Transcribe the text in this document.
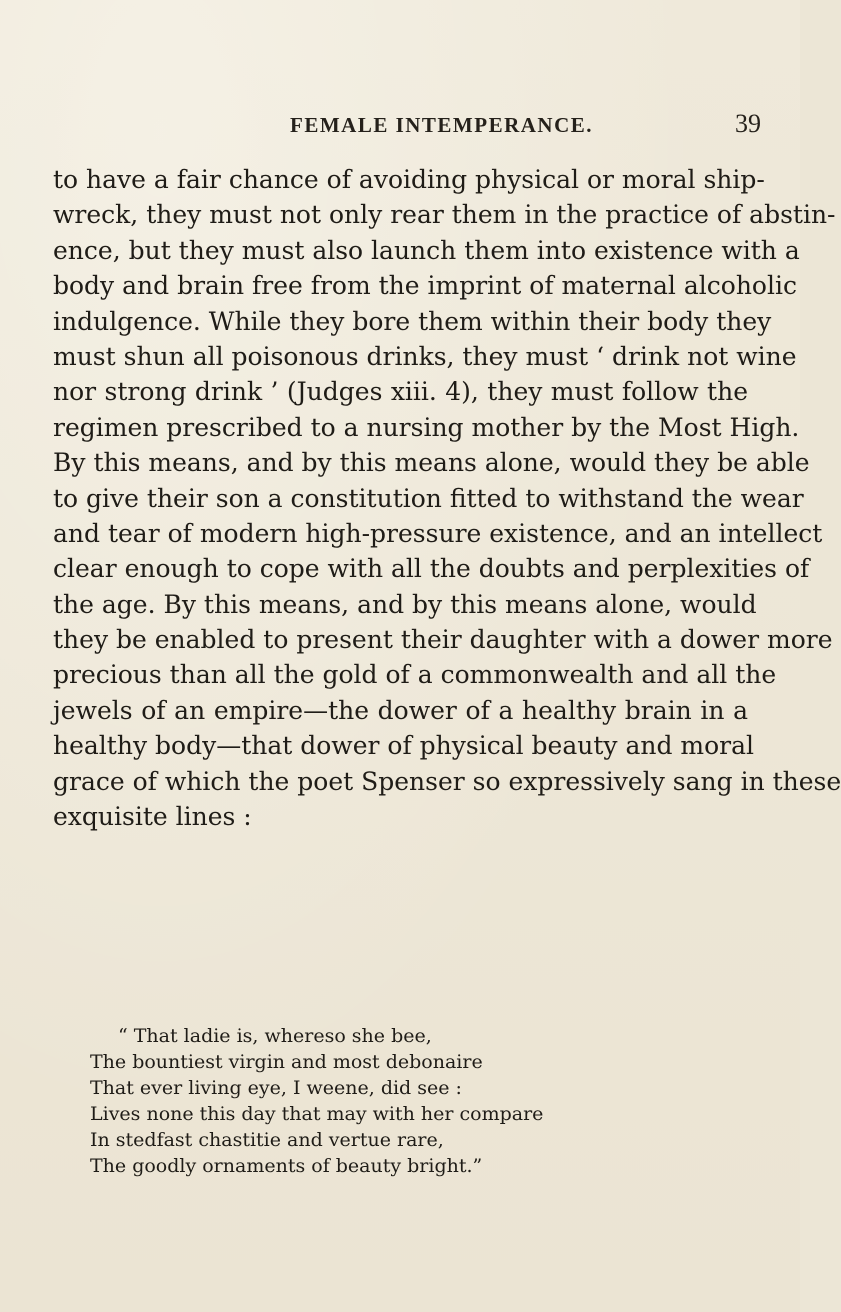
FEMALE INTEMPERANCE.	39
to have a fair chance of avoiding physical or moral ship-
wreck, they must not only rear them in the practice of abstin-
ence, but they must also launch them into existence with a
body and brain free from the imprint of maternal alcoholic
indulgence. While they bore them within their body they
must shun all poisonous drinks, they must ‘ drink not wine
nor strong drink ’ (Judges xiii. 4), they must follow the
regimen prescribed to a nursing mother by the Most High.
By this means, and by this means alone, would they be able
to give their son a constitution fitted to withstand the wear
and tear of modern high-pressure existence, and an intellect
clear enough to cope with all the doubts and perplexities of
the age. By this means, and by this means alone, would
they be enabled to present their daughter with a dower more
precious than all the gold of a commonwealth and all the
jewels of an empire—the dower of a healthy brain in a
healthy body—that dower of physical beauty and moral
grace of which the poet Spenser so expressively sang in these
exquisite lines :
“ That ladie is, whereso she bee,
The bountiest virgin and most debonaire
That ever living eye, I weene, did see :
Lives none this day that may with her compare
In stedfast chastitie and vertue rare,
The goodly ornaments of beauty bright.”
